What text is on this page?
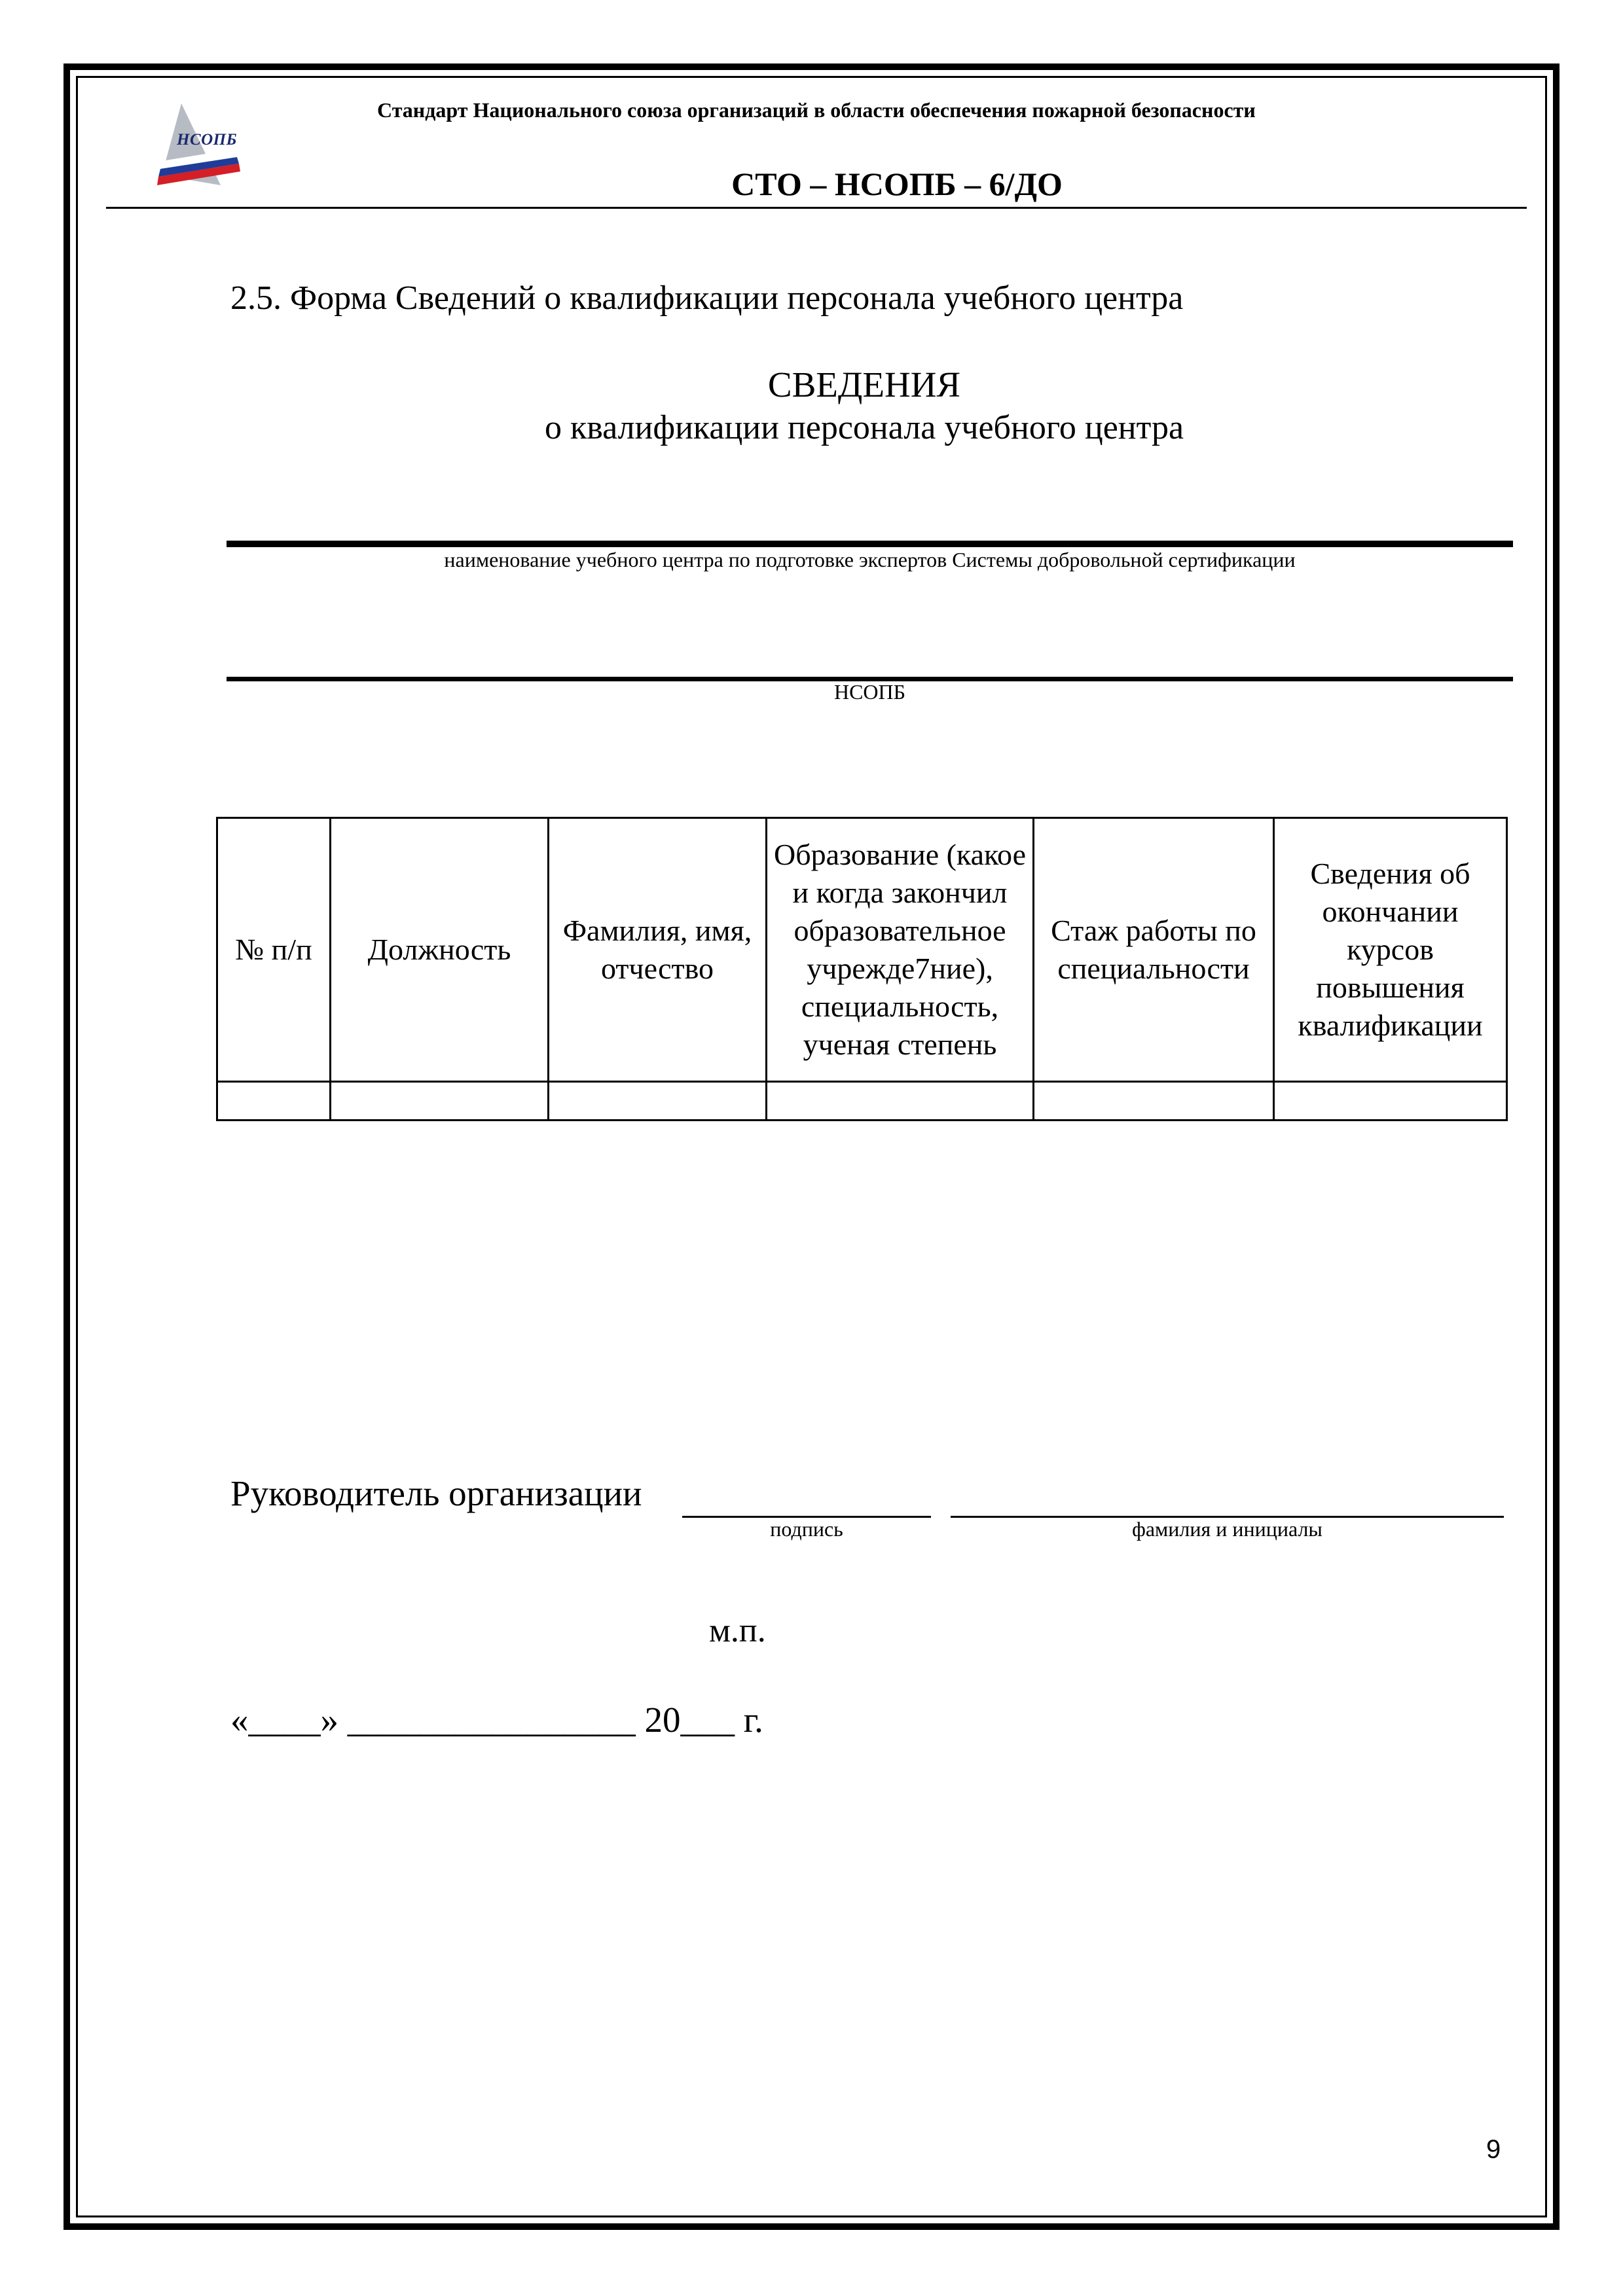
НСОПБ
Стандарт Национального союза организаций в области обеспечения пожарной безопасности
СТО – НСОПБ – 6/ДО
2.5. Форма Сведений о квалификации персонала учебного центра
СВЕДЕНИЯ
о квалификации персонала учебного центра
наименование учебного центра по подготовке экспертов Системы добровольной сертификации
НСОПБ
№ п/п	Должность	Фамилия, имя, отчество	Образование (какое и когда закончил образовательное учрежде7ние), специальность, ученая степень	Стаж работы по специальности	Сведения об окончании курсов повышения квалификации

Руководитель организации
подпись	фамилия и инициалы
м.п.
«____» ________________ 20___ г.
9
